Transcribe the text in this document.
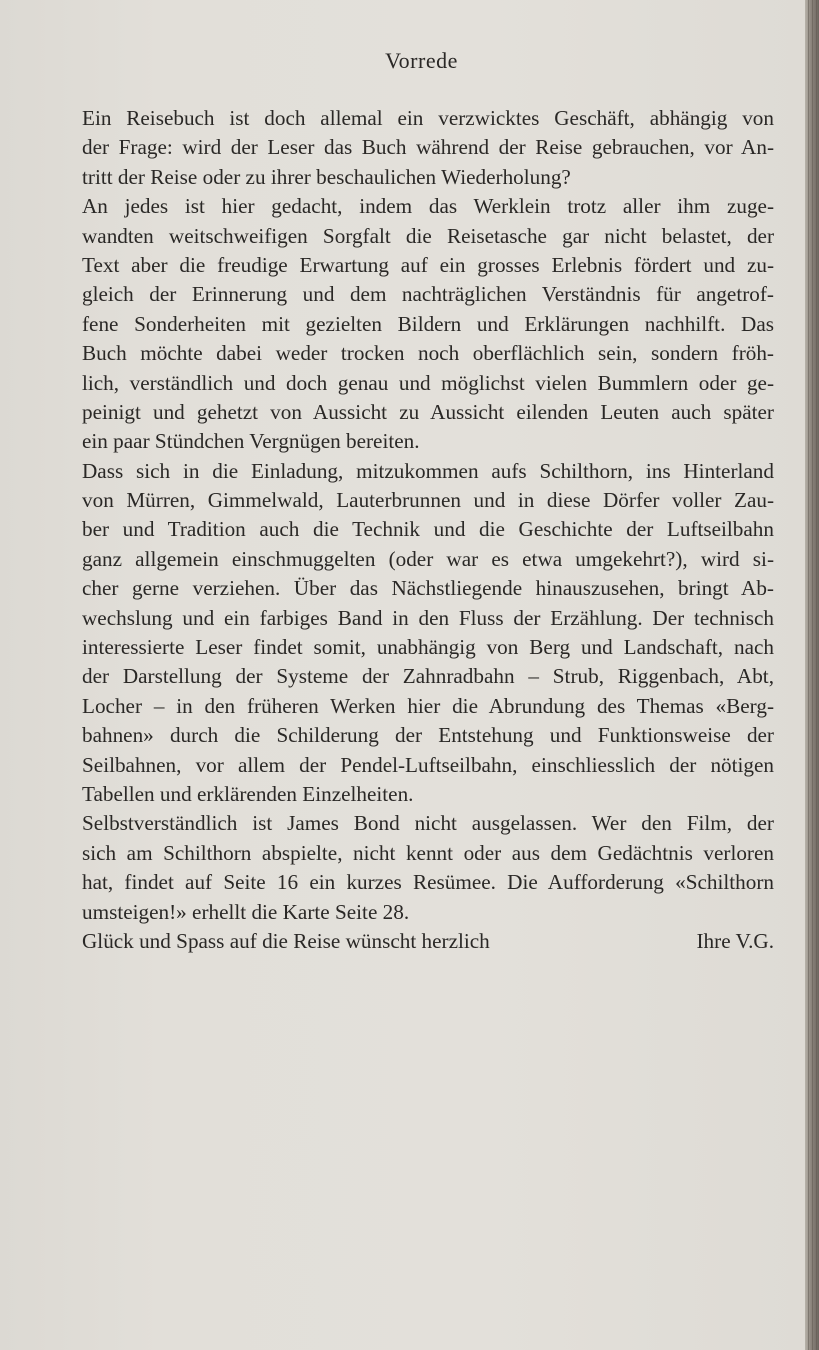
Vorrede
Ein Reisebuch ist doch allemal ein verzwicktes Geschäft, abhängig von
der Frage: wird der Leser das Buch während der Reise gebrauchen, vor An-
tritt der Reise oder zu ihrer beschaulichen Wiederholung?
An jedes ist hier gedacht, indem das Werklein trotz aller ihm zuge-
wandten weitschweifigen Sorgfalt die Reisetasche gar nicht belastet, der
Text aber die freudige Erwartung auf ein grosses Erlebnis fördert und zu-
gleich der Erinnerung und dem nachträglichen Verständnis für angetrof-
fene Sonderheiten mit gezielten Bildern und Erklärungen nachhilft. Das
Buch möchte dabei weder trocken noch oberflächlich sein, sondern fröh-
lich, verständlich und doch genau und möglichst vielen Bummlern oder ge-
peinigt und gehetzt von Aussicht zu Aussicht eilenden Leuten auch später
ein paar Stündchen Vergnügen bereiten.
Dass sich in die Einladung, mitzukommen aufs Schilthorn, ins Hinterland
von Mürren, Gimmelwald, Lauterbrunnen und in diese Dörfer voller Zau-
ber und Tradition auch die Technik und die Geschichte der Luftseilbahn
ganz allgemein einschmuggelten (oder war es etwa umgekehrt?), wird si-
cher gerne verziehen. Über das Nächstliegende hinauszusehen, bringt Ab-
wechslung und ein farbiges Band in den Fluss der Erzählung. Der technisch
interessierte Leser findet somit, unabhängig von Berg und Landschaft, nach
der Darstellung der Systeme der Zahnradbahn – Strub, Riggenbach, Abt,
Locher – in den früheren Werken hier die Abrundung des Themas «Berg-
bahnen» durch die Schilderung der Entstehung und Funktionsweise der
Seilbahnen, vor allem der Pendel-Luftseilbahn, einschliesslich der nötigen
Tabellen und erklärenden Einzelheiten.
Selbstverständlich ist James Bond nicht ausgelassen. Wer den Film, der
sich am Schilthorn abspielte, nicht kennt oder aus dem Gedächtnis verloren
hat, findet auf Seite 16 ein kurzes Resümee. Die Aufforderung «Schilthorn
umsteigen!» erhellt die Karte Seite 28.
Glück und Spass auf die Reise wünscht herzlich	Ihre V.G.
